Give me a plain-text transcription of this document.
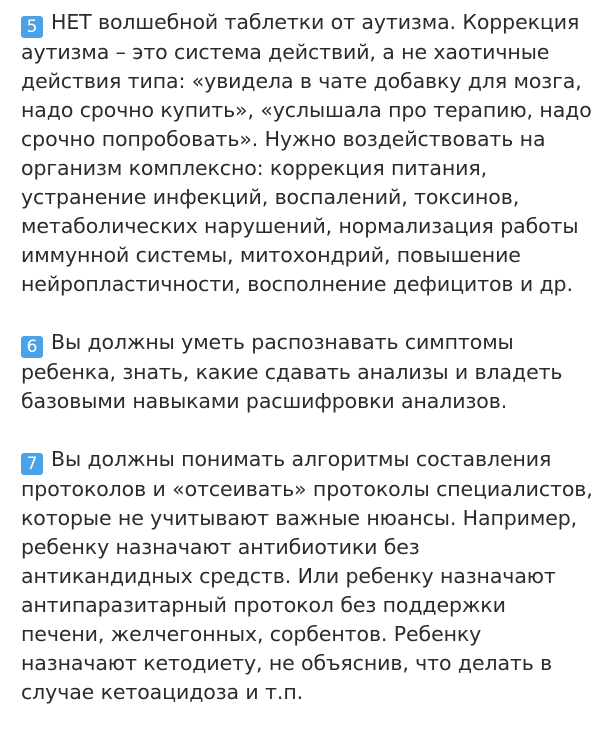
5 НЕТ волшебной таблетки от аутизма. Коррекция аутизма – это система действий, а не хаотичные действия типа: «увидела в чате добавку для мозга, надо срочно купить», «услышала про терапию, надо срочно попробовать». Нужно воздействовать на организм комплексно: коррекция питания, устранение инфекций, воспалений, токсинов, метаболических нарушений, нормализация работы иммунной системы, митохондрий, повышение нейропластичности, восполнение дефицитов и др.

6 Вы должны уметь распознавать симптомы ребенка, знать, какие сдавать анализы и владеть базовыми навыками расшифровки анализов.

7 Вы должны понимать алгоритмы составления протоколов и «отсеивать» протоколы специалистов, которые не учитывают важные нюансы. Например, ребенку назначают антибиотики без антикандидных средств. Или ребенку назначают антипаразитарный протокол без поддержки печени, желчегонных, сорбентов. Ребенку назначают кетодиету, не объяснив, что делать в случае кетоацидоза и т.п.
